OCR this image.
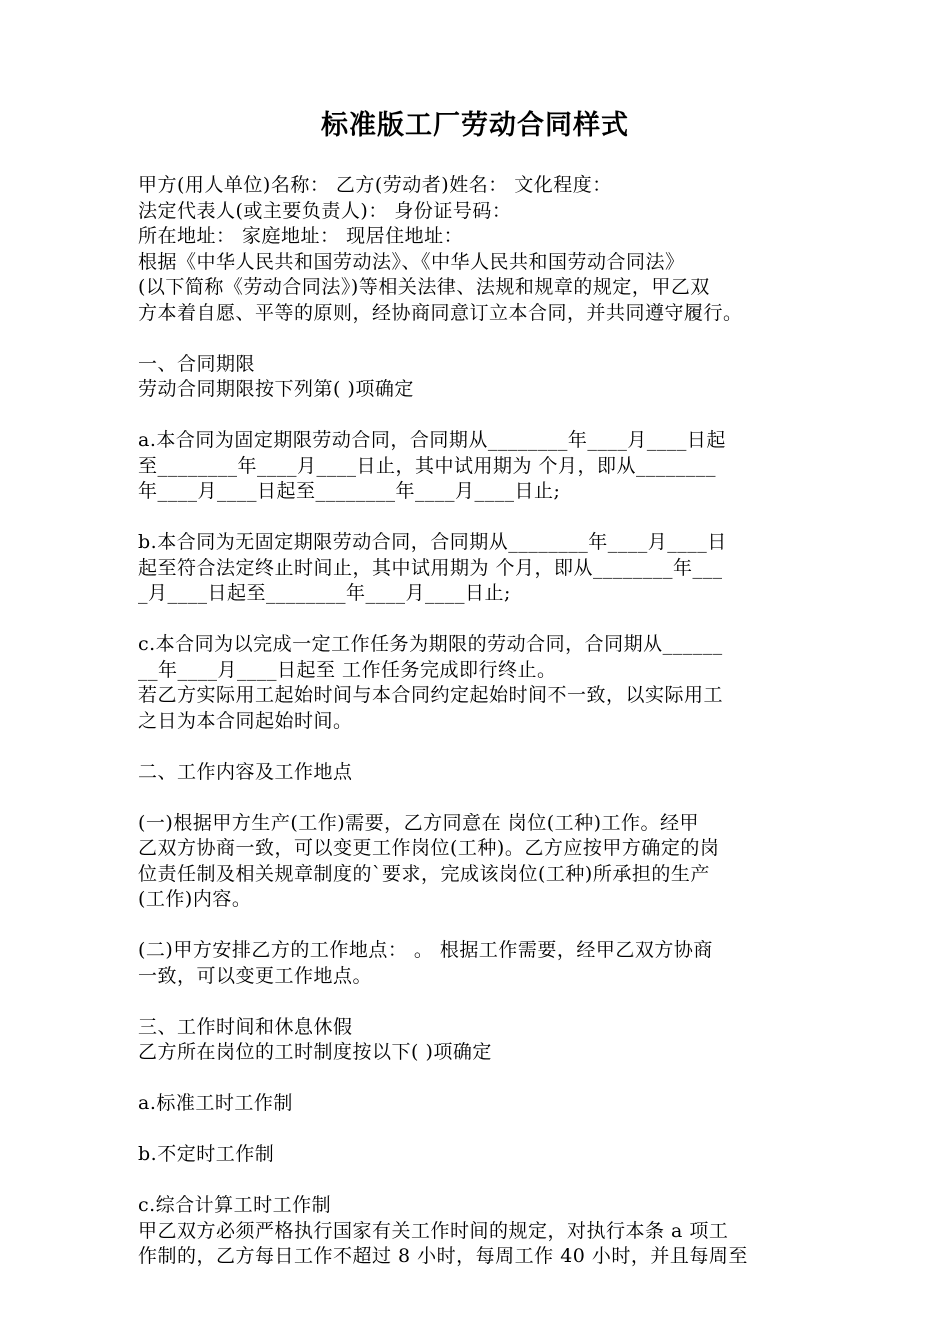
标准版工厂劳动合同样式

甲方(用人单位)名称： 乙方(劳动者)姓名： 文化程度：

法定代表人(或主要负责人)： 身份证号码：

所在地址： 家庭地址： 现居住地址：

根据《中华人民共和国劳动法》、《中华人民共和国劳动合同法》

(以下简称《劳动合同法》)等相关法律、法规和规章的规定，甲乙双

方本着自愿、平等的原则，经协商同意订立本合同，并共同遵守履行。

一、合同期限

劳动合同期限按下列第( )项确定

a.本合同为固定期限劳动合同，合同期从________年____月____日起

至________年____月____日止，其中试用期为 个月，即从________

年____月____日起至________年____月____日止;

b.本合同为无固定期限劳动合同，合同期从________年____月____日

起至符合法定终止时间止，其中试用期为 个月，即从________年___

_月____日起至________年____月____日止;

c.本合同为以完成一定工作任务为期限的劳动合同，合同期从______

__年____月____日起至 工作任务完成即行终止。

若乙方实际用工起始时间与本合同约定起始时间不一致，以实际用工

之日为本合同起始时间。

二、工作内容及工作地点

(一)根据甲方生产(工作)需要，乙方同意在 岗位(工种)工作。经甲

乙双方协商一致，可以变更工作岗位(工种)。乙方应按甲方确定的岗

位责任制及相关规章制度的`要求，完成该岗位(工种)所承担的生产

(工作)内容。

(二)甲方安排乙方的工作地点： 。 根据工作需要，经甲乙双方协商

一致，可以变更工作地点。

三、工作时间和休息休假

乙方所在岗位的工时制度按以下( )项确定

a.标准工时工作制

b.不定时工作制

c.综合计算工时工作制

甲乙双方必须严格执行国家有关工作时间的规定，对执行本条 a 项工

作制的，乙方每日工作不超过 8 小时，每周工作 40 小时，并且每周至
